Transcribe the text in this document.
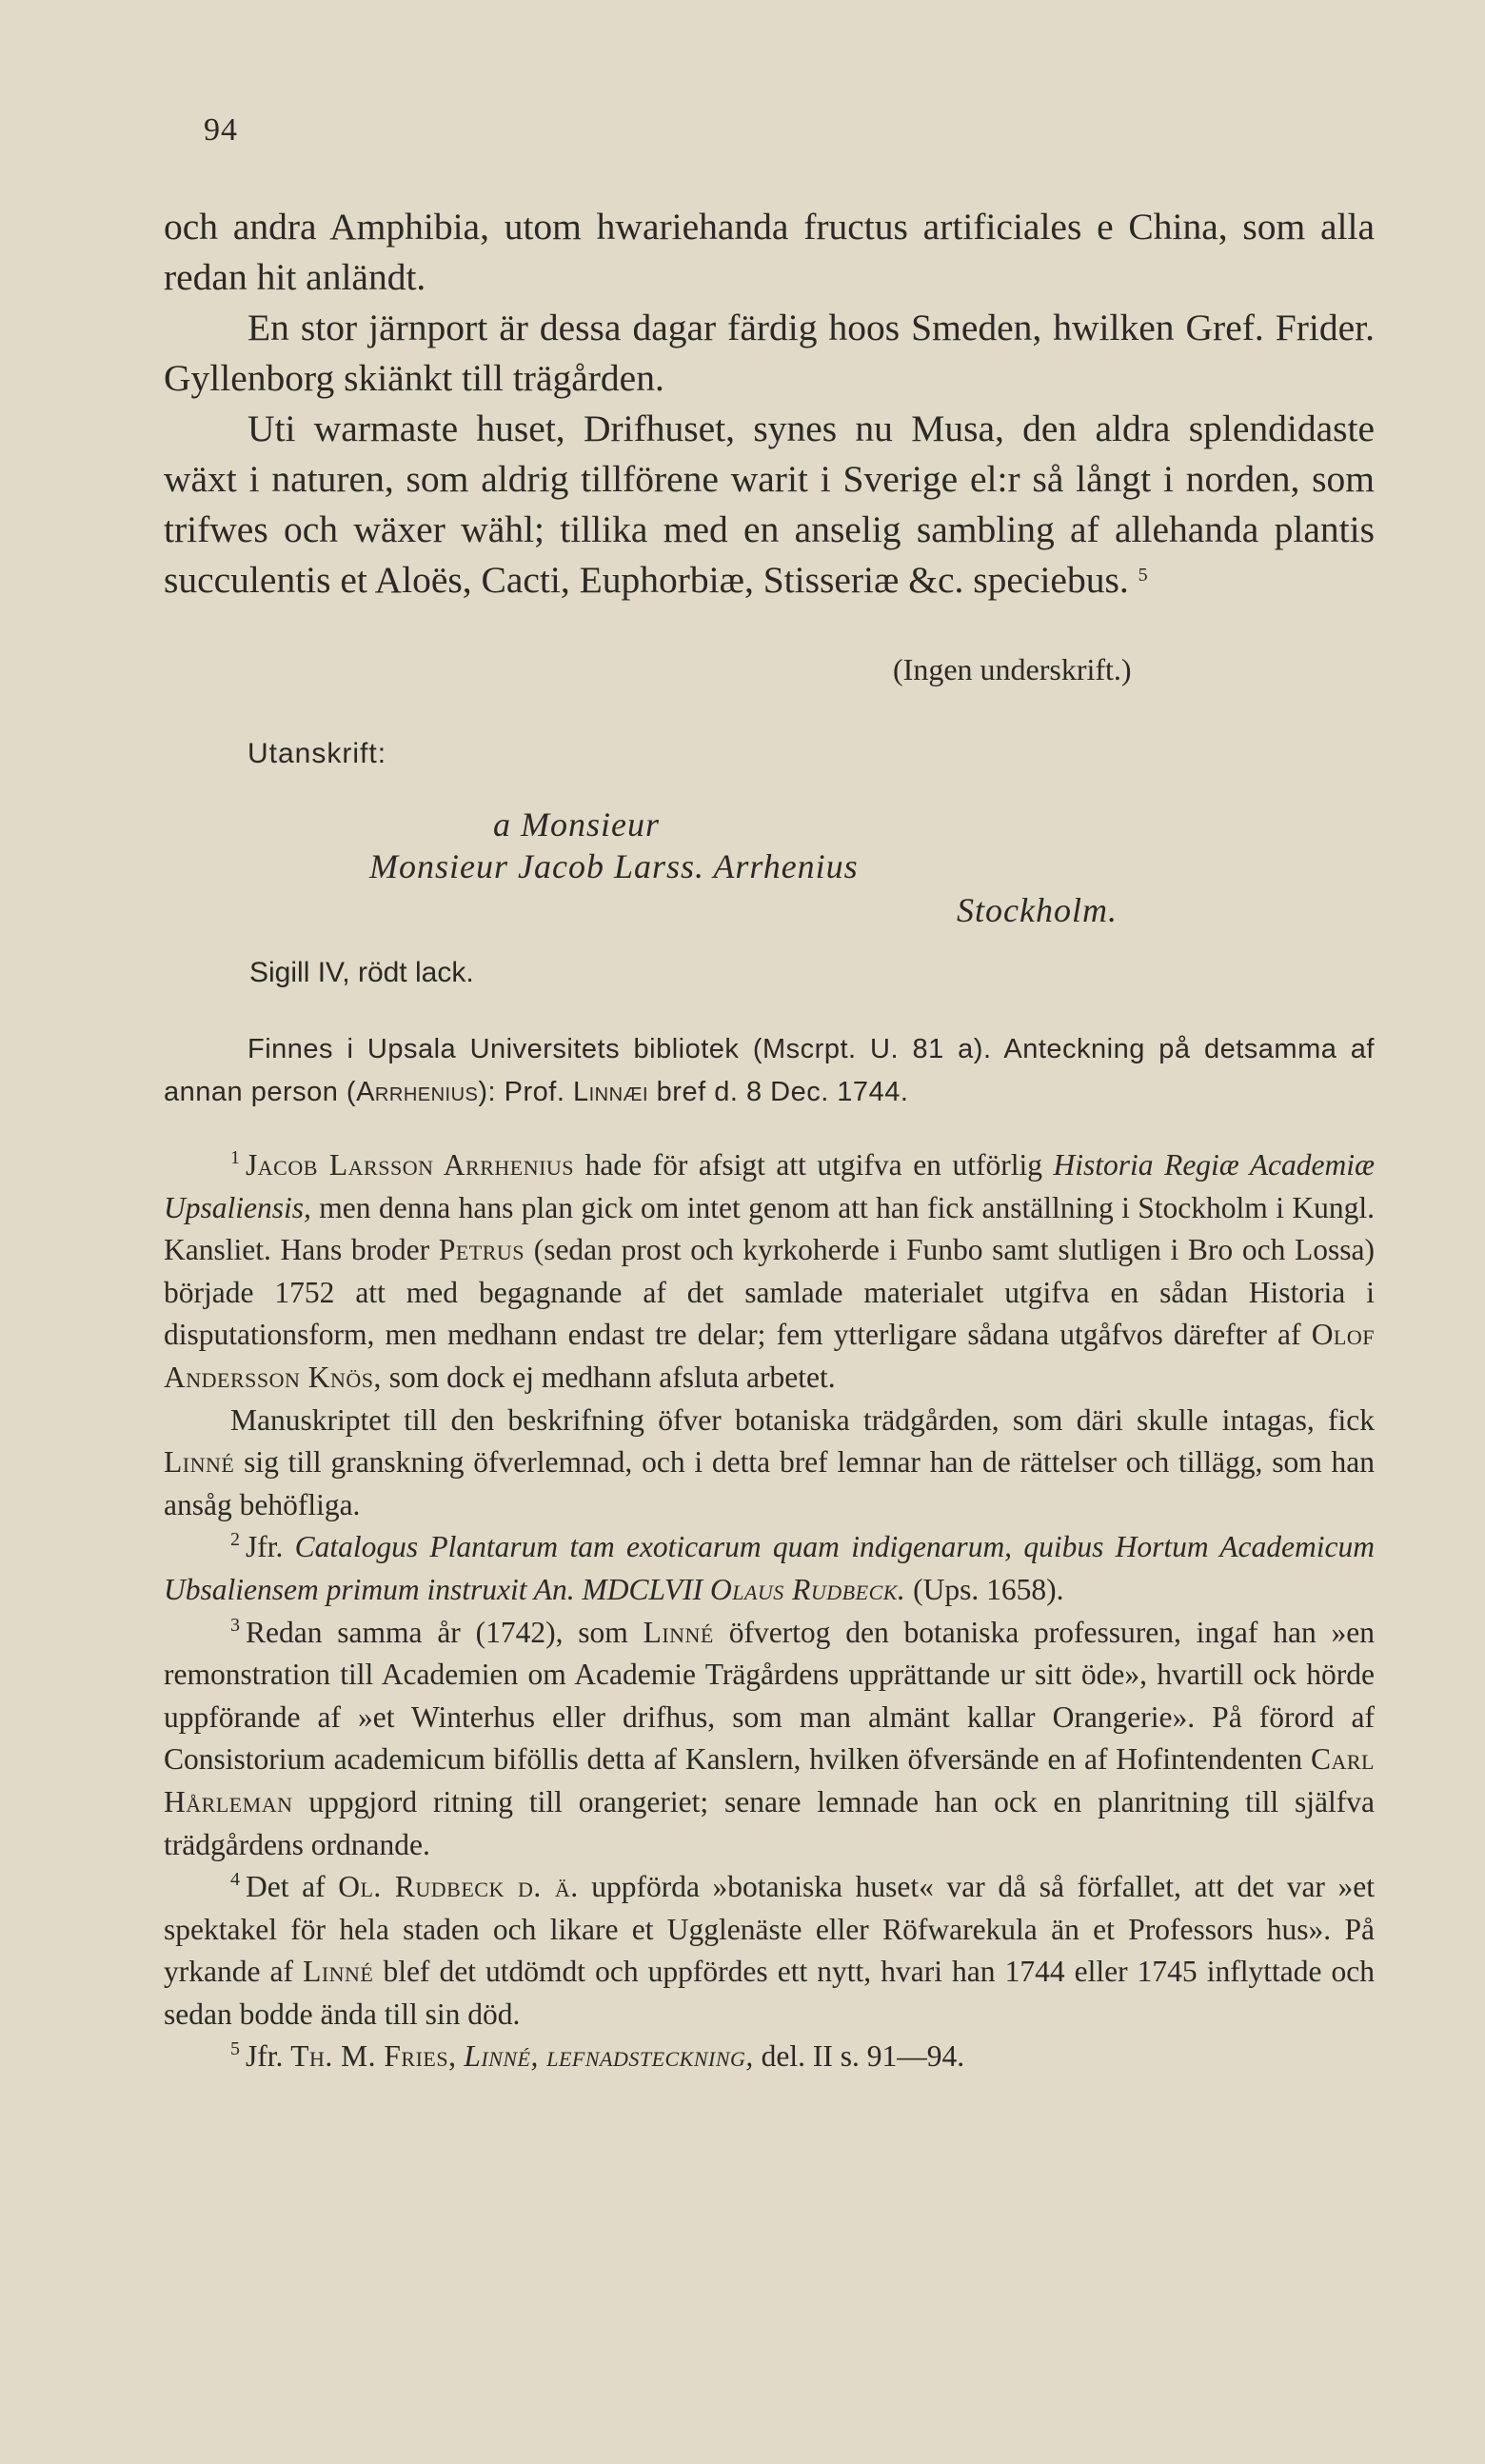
94

och andra Amphibia, utom hwariehanda fructus artificiales e China, som alla redan hit anländt.

En stor järnport är dessa dagar färdig hoos Smeden, hwilken Gref. Frider. Gyllenborg skiänkt till trägården.

Uti warmaste huset, Drifhuset, synes nu Musa, den aldra splendidaste wäxt i naturen, som aldrig tillförene warit i Sverige el:r så långt i norden, som trifwes och wäxer wähl; tillika med en anselig sambling af allehanda plantis succulentis et Aloës, Cacti, Euphorbiæ, Stisseriæ &c. speciebus. $^5$

(Ingen underskrift.)
Utanskrift:
a Monsieur
Monsieur Jacob Larss. Arrhenius
Stockholm.
Sigill IV, rödt lack.
Finnes i Upsala Universitets bibliotek (Mscrpt. U. 81 a). Anteckning på detsamma af annan person (Arrhenius): Prof. Linnæi bref d. 8 Dec. 1744.

$^1$ Jacob Larsson Arrhenius hade för afsigt att utgifva en utförlig Historia Regiæ Academiæ Upsaliensis, men denna hans plan gick om intet genom att han fick anställning i Stockholm i Kungl. Kansliet. Hans broder Petrus (sedan prost och kyrkoherde i Funbo samt slutligen i Bro och Lossa) började 1752 att med begagnande af det samlade materialet utgifva en sådan Historia i disputationsform, men medhann endast tre delar; fem ytterligare sådana utgåfvos därefter af Olof Andersson Knös, som dock ej medhann afsluta arbetet.

Manuskriptet till den beskrifning öfver botaniska trädgården, som däri skulle intagas, fick Linné sig till granskning öfverlemnad, och i detta bref lemnar han de rättelser och tillägg, som han ansåg behöfliga.

$^2$ Jfr. Catalogus Plantarum tam exoticarum quam indigenarum, quibus Hortum Academicum Ubsaliensem primum instruxit An. MDCLVII Olaus Rudbeck. (Ups. 1658).

$^3$ Redan samma år (1742), som Linné öfvertog den botaniska professuren, ingaf han »en remonstration till Academien om Academie Trägårdens upprättande ur sitt öde», hvartill ock hörde uppförande af »et Winterhus eller drifhus, som man almänt kallar Orangerie». På förord af Consistorium academicum biföllis detta af Kanslern, hvilken öfversände en af Hofintendenten Carl Hårleman uppgjord ritning till orangeriet; senare lemnade han ock en planritning till själfva trädgårdens ordnande.

$^4$ Det af Ol. Rudbeck d. ä. uppförda »botaniska huset« var då så förfallet, att det var »et spektakel för hela staden och likare et Ugglenäste eller Röfwarekula än et Professors hus». På yrkande af Linné blef det utdömdt och uppfördes ett nytt, hvari han 1744 eller 1745 inflyttade och sedan bodde ända till sin död.

$^5$ Jfr. Th. M. Fries, Linné, lefnadsteckning, del. II s. 91—94.
